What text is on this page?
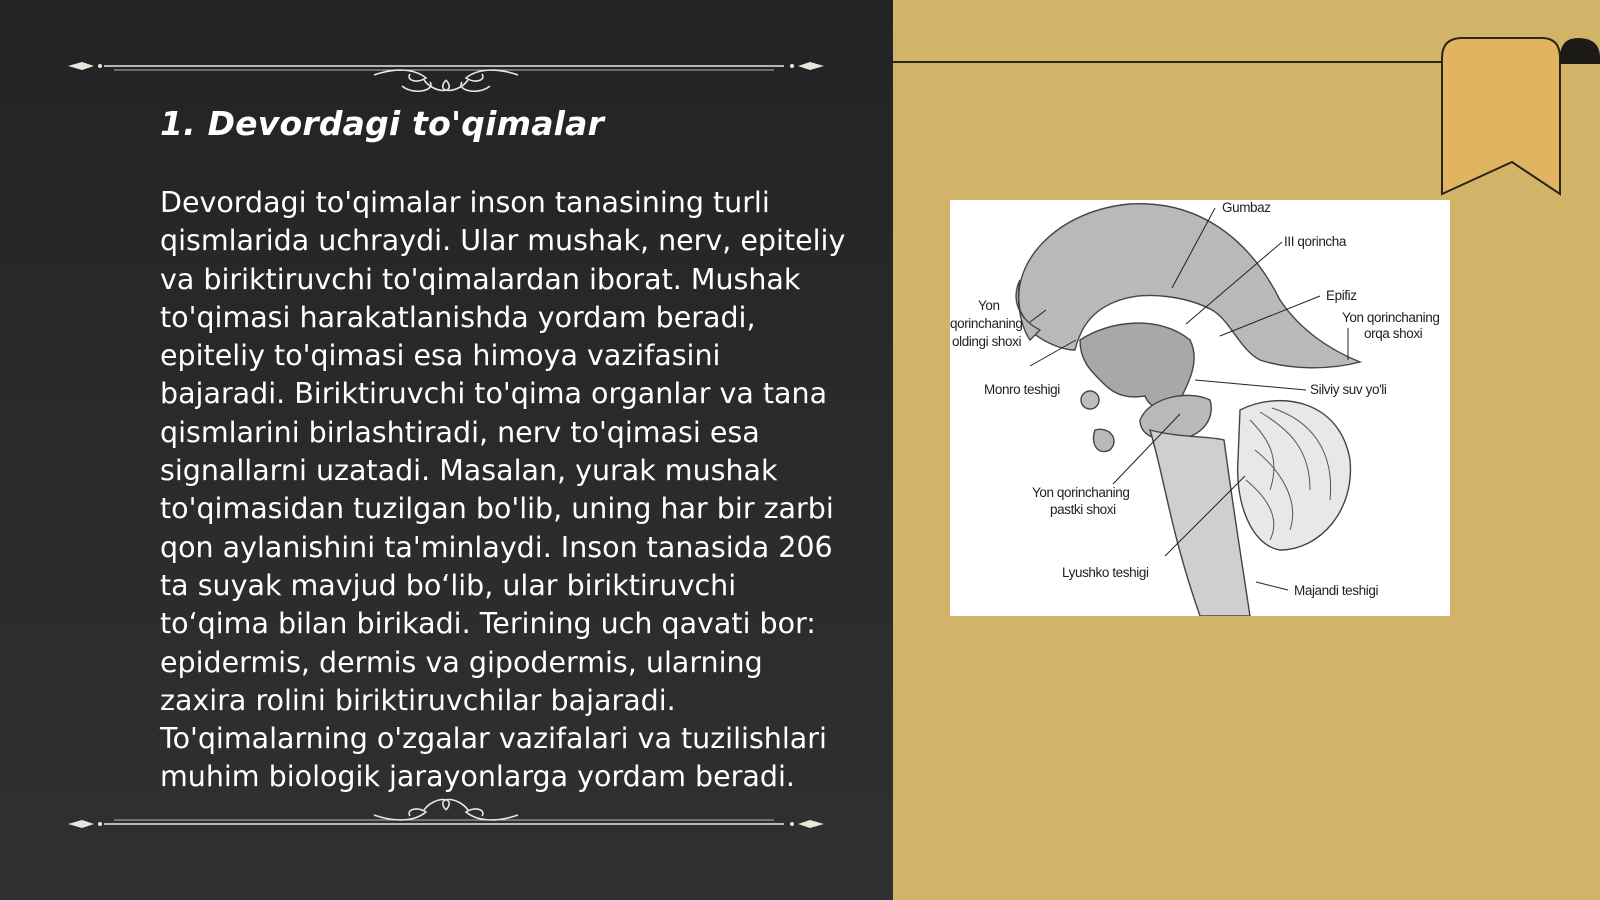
1. Devordagi to'qimalar

Devordagi to'qimalar inson tanasining turli qismlarida uchraydi. Ular mushak, nerv, epiteliy va biriktiruvchi to'qimalardan iborat. Mushak to'qimasi harakatlanishda yordam beradi, epiteliy to'qimasi esa himoya vazifasini bajaradi. Biriktiruvchi to'qima organlar va tana qismlarini birlashtiradi, nerv to'qimasi esa signallarni uzatadi. Masalan, yurak mushak to'qimasidan tuzilgan bo'lib, uning har bir zarbi qon aylanishini ta'minlaydi. Inson tanasida 206 ta suyak mavjud bo‘lib, ular biriktiruvchi to‘qima bilan birikadi. Terining uch qavati bor: epidermis, dermis va gipodermis, ularning zaxira rolini biriktiruvchilar bajaradi. To'qimalarning o'zgalar vazifalari va tuzilishlari muhim biologik jarayonlarga yordam beradi.

Gumbaz
III qorincha
Epifiz
Yon qorinchaning
orqa shoxi
Yon
qorinchaning
oldingi shoxi
Monro teshigi	Silviy suv yo'li
Yon qorinchaning
pastki shoxi
Lyushko teshigi
Majandi teshigi
